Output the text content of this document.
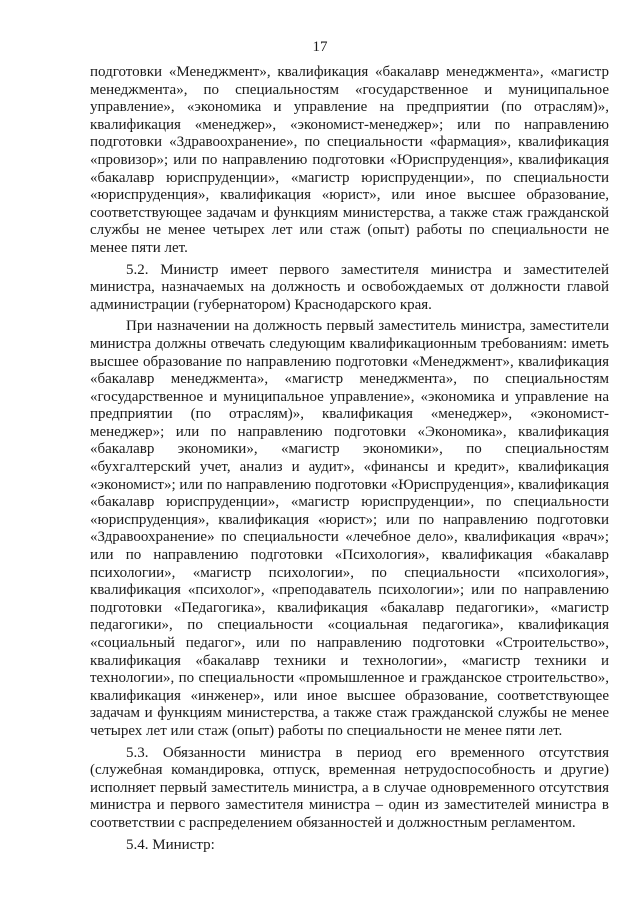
17

подготовки «Менеджмент», квалификация «бакалавр менеджмента», «магистр менеджмента», по специальностям «государственное и муниципальное управление», «экономика и управление на предприятии (по отраслям)», квалификация «менеджер», «экономист-менеджер»; или по направлению подготовки «Здравоохранение», по специальности «фармация», квалификация «провизор»; или по направлению подготовки «Юриспруденция», квалификация «бакалавр юриспруденции», «магистр юриспруденции», по специальности «юриспруденция», квалификация «юрист», или иное высшее образование, соответствующее задачам и функциям министерства, а также стаж гражданской службы не менее четырех лет или стаж (опыт) работы по специальности не менее пяти лет.

5.2. Министр имеет первого заместителя министра и заместителей министра, назначаемых на должность и освобождаемых от должности главой администрации (губернатором) Краснодарского края.

При назначении на должность первый заместитель министра, заместители министра должны отвечать следующим квалификационным требованиям: иметь высшее образование по направлению подготовки «Менеджмент», квалификация «бакалавр менеджмента», «магистр менеджмента», по специальностям «государственное и муниципальное управление», «экономика и управление на предприятии (по отраслям)», квалификация «менеджер», «экономист-менеджер»; или по направлению подготовки «Экономика», квалификация «бакалавр экономики», «магистр экономики», по специальностям «бухгалтерский учет, анализ и аудит», «финансы и кредит», квалификация «экономист»; или по направлению подготовки «Юриспруденция», квалификация «бакалавр юриспруденции», «магистр юриспруденции», по специальности «юриспруденция», квалификация «юрист»; или по направлению подготовки «Здравоохранение» по специальности «лечебное дело», квалификация «врач»; или по направлению подготовки «Психология», квалификация «бакалавр психологии», «магистр психологии», по специальности «психология», квалификация «психолог», «преподаватель психологии»; или по направлению подготовки «Педагогика», квалификация «бакалавр педагогики», «магистр педагогики», по специальности «социальная педагогика», квалификация «социальный педагог», или по направлению подготовки «Строительство», квалификация «бакалавр техники и технологии», «магистр техники и технологии», по специальности «промышленное и гражданское строительство», квалификация «инженер», или иное высшее образование, соответствующее задачам и функциям министерства, а также стаж гражданской службы не менее четырех лет или стаж (опыт) работы по специальности не менее пяти лет.

5.3. Обязанности министра в период его временного отсутствия (служебная командировка, отпуск, временная нетрудоспособность и другие) исполняет первый заместитель министра, а в случае одновременного отсутствия министра и первого заместителя министра – один из заместителей министра в соответствии с распределением обязанностей и должностным регламентом.

5.4. Министр:
